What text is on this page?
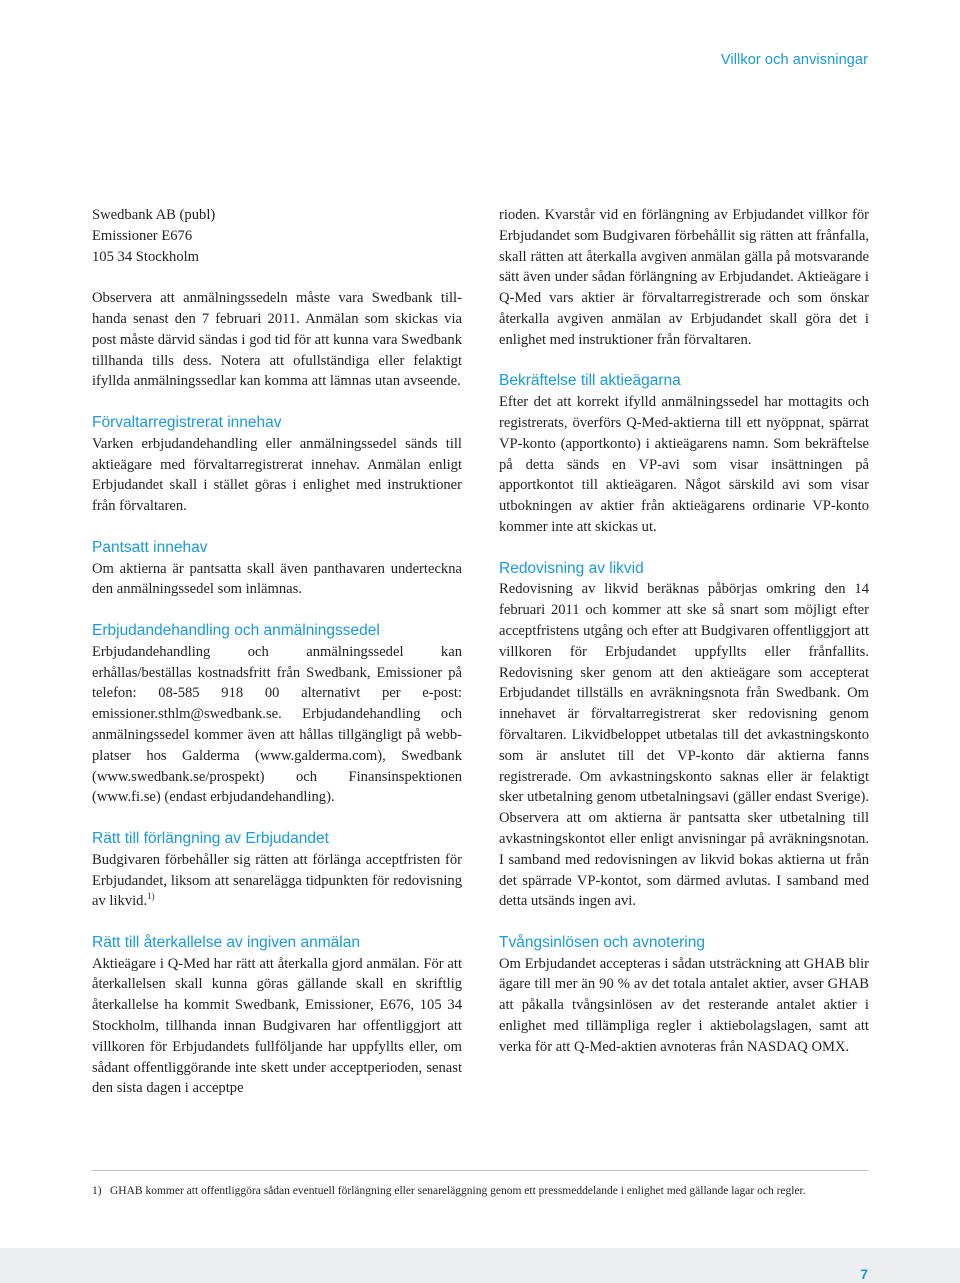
Villkor och anvisningar
Swedbank AB (publ)
Emissioner E676
105 34 Stockholm

Observera att anmälningssedeln måste vara Swedbank tillhanda senast den 7 februari 2011. Anmälan som skickas via post måste därvid sändas i god tid för att kunna vara Swedbank tillhanda tills dess. Notera att ofullständiga eller felaktigt ifyllda anmälningssedlar kan komma att lämnas utan avseende.

Förvaltarregistrerat innehav

Varken erbjudandehandling eller anmälningssedel sänds till aktieägare med förvaltarregistrerat innehav. Anmälan enligt Erbjudandet skall i stället göras i enlighet med instruktioner från förvaltaren.

Pantsatt innehav

Om aktierna är pantsatta skall även panthavaren underteckna den anmälningssedel som inlämnas.

Erbjudandehandling och anmälningssedel

Erbjudandehandling och anmälningssedel kan erhållas/beställas kostnadsfritt från Swedbank, Emissioner på telefon: 08-585 918 00 alternativt per e-post: emissioner.sthlm@swedbank.se. Erbjudandehandling och anmälningssedel kommer även att hållas tillgängligt på webbplatser hos Galderma (www.galderma.com), Swedbank (www.swedbank.se/prospekt) och Finansinspektionen (www.fi.se) (endast erbjudandehandling).

Rätt till förlängning av Erbjudandet

Budgivaren förbehåller sig rätten att förlänga acceptfristen för Erbjudandet, liksom att senarelägga tidpunkten för redovisning av likvid.$^{1)}$

Rätt till återkallelse av ingiven anmälan

Aktieägare i Q-Med har rätt att återkalla gjord anmälan. För att återkallelsen skall kunna göras gällande skall en skriftlig återkallelse ha kommit Swedbank, Emissioner, E676, 105 34 Stockholm, tillhanda innan Budgivaren har offentliggjort att villkoren för Erbjudandets fullföljande har uppfyllts eller, om sådant offentliggörande inte skett under acceptperioden, senast den sista dagen i acceptpe

rioden. Kvarstår vid en förlängning av Erbjudandet villkor för Erbjudandet som Budgivaren förbehållit sig rätten att frånfalla, skall rätten att återkalla avgiven anmälan gälla på motsvarande sätt även under sådan förlängning av Erbjudandet. Aktieägare i Q-Med vars aktier är förvaltarregistrerade och som önskar återkalla avgiven anmälan av Erbjudandet skall göra det i enlighet med instruktioner från förvaltaren.

Bekräftelse till aktieägarna

Efter det att korrekt ifylld anmälningssedel har mottagits och registrerats, överförs Q-Med-aktierna till ett nyöppnat, spärrat VP-konto (apportkonto) i aktieägarens namn. Som bekräftelse på detta sänds en VP-avi som visar insättningen på apportkontot till aktieägaren. Något särskild avi som visar utbokningen av aktier från aktieägarens ordinarie VP-konto kommer inte att skickas ut.

Redovisning av likvid

Redovisning av likvid beräknas påbörjas omkring den 14 februari 2011 och kommer att ske så snart som möjligt efter acceptfristens utgång och efter att Budgivaren offentliggjort att villkoren för Erbjudandet uppfyllts eller frånfallits. Redovisning sker genom att den aktieägare som accepterat Erbjudandet tillställs en avräkningsnota från Swedbank. Om innehavet är förvaltarregistrerat sker redovisning genom förvaltaren. Likvidbeloppet utbetalas till det avkastningskonto som är anslutet till det VP-konto där aktierna fanns registrerade. Om avkastningskonto saknas eller är felaktigt sker utbetalning genom utbetalningsavi (gäller endast Sverige). Observera att om aktierna är pantsatta sker utbetalning till avkastningskontot eller enligt anvisningar på avräkningsnotan. I samband med redovisningen av likvid bokas aktierna ut från det spärrade VP-kontot, som därmed avlutas. I samband med detta utsänds ingen avi.

Tvångsinlösen och avnotering

Om Erbjudandet accepteras i sådan utsträckning att GHAB blir ägare till mer än 90 % av det totala antalet aktier, avser GHAB att påkalla tvångsinlösen av det resterande antalet aktier i enlighet med tillämpliga regler i aktiebolagslagen, samt att verka för att Q-Med-aktien avnoteras från NASDAQ OMX.

1) GHAB kommer att offentliggöra sådan eventuell förlängning eller senareläggning genom ett pressmeddelande i enlighet med gällande lagar och regler.
7
